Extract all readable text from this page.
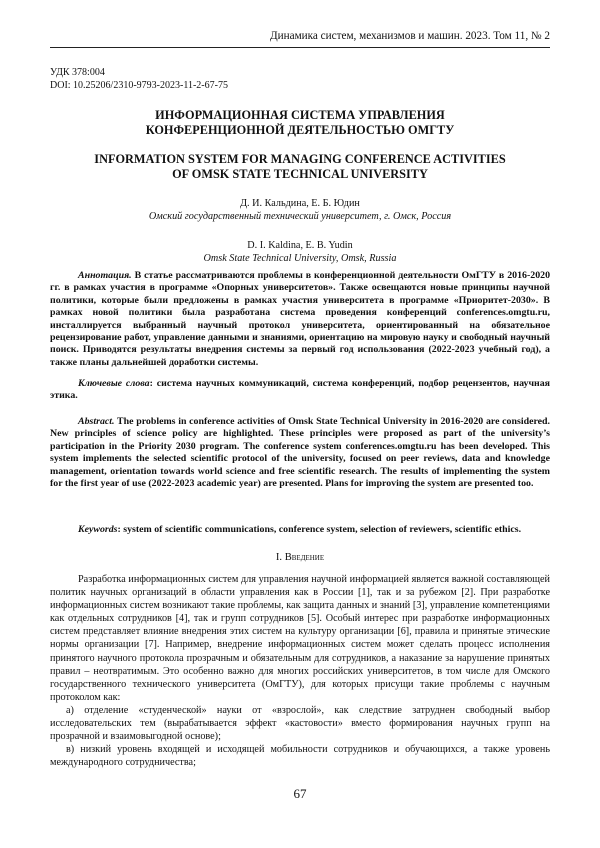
Динамика систем, механизмов и машин. 2023. Том 11, № 2
УДК 378:004
DOI: 10.25206/2310-9793-2023-11-2-67-75
ИНФОРМАЦИОННАЯ СИСТЕМА УПРАВЛЕНИЯ
КОНФЕРЕНЦИОННОЙ ДЕЯТЕЛЬНОСТЬЮ ОМГТУ
INFORMATION SYSTEM FOR MANAGING CONFERENCE ACTIVITIES
OF OMSK STATE TECHNICAL UNIVERSITY
Д. И. Кальдина, Е. Б. Юдин
Омский государственный технический университет, г. Омск, Россия
D. I. Kaldina, E. B. Yudin
Omsk State Technical University, Omsk, Russia

Аннотация. В статье рассматриваются проблемы в конференционной деятельности ОмГТУ в 2016-2020 гг. в рамках участия в программе «Опорных университетов». Также освещаются новые принципы научной политики, которые были предложены в рамках участия университета в программе «Приоритет-2030». В рамках новой политики была разработана система проведения конференций conferences.omgtu.ru, инсталлируется выбранный научный протокол университета, ориентированный на обязательное рецензирование работ, управление данными и знаниями, ориентацию на мировую науку и свободный научный поиск. Приводятся результаты внедрения системы за первый год использования (2022-2023 учебный год), а также планы дальнейшей доработки системы.

Ключевые слова: система научных коммуникаций, система конференций, подбор рецензентов, научная этика.

Abstract. The problems in conference activities of Omsk State Technical University in 2016-2020 are considered. New principles of science policy are highlighted. These principles were proposed as part of the university’s participation in the Priority 2030 program. The conference system conferences.omgtu.ru has been developed. This system implements the selected scientific protocol of the university, focused on peer reviews, data and knowledge management, orientation towards world science and free scientific research. The results of implementing the system for the first year of use (2022-2023 academic year) are presented. Plans for improving the system are presented too.

Keywords: system of scientific communications, conference system, selection of reviewers, scientific ethics.

I. Введение

Разработка информационных систем для управления научной информацией является важной составляющей политик научных организаций в области управления как в России [1], так и за рубежом [2]. При разработке информационных систем возникают такие проблемы, как защита данных и знаний [3], управление компетенциями как отдельных сотрудников [4], так и групп сотрудников [5]. Особый интерес при разработке информационных систем представляет влияние внедрения этих систем на культуру организации [6], правила и принятые этические нормы организации [7]. Например, внедрение информационных систем может сделать процесс исполнения принятого научного протокола прозрачным и обязательным для сотрудников, а наказание за нарушение принятых правил – неотвратимым. Это особенно важно для многих российских университетов, в том числе для Омского государственного технического университета (ОмГТУ), для которых присущи такие проблемы с научным протоколом как:

а) отделение «студенческой» науки от «взрослой», как следствие затруднен свободный выбор исследовательских тем (вырабатывается эффект «кастовости» вместо формирования научных групп на прозрачной и взаимовыгодной основе);

в) низкий уровень входящей и исходящей мобильности сотрудников и обучающихся, а также уровень международного сотрудничества;

67
